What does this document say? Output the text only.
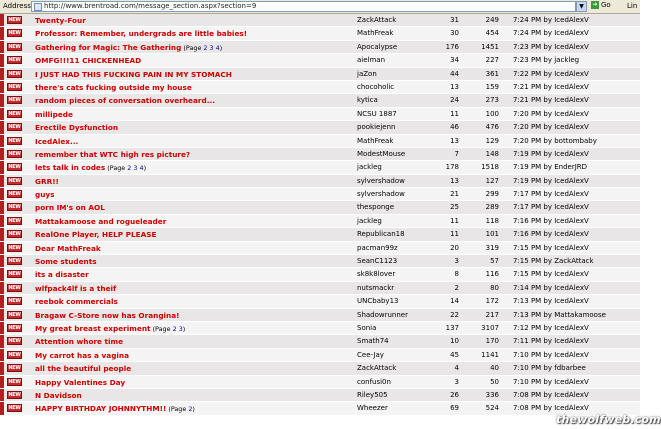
Address http://www.brentroad.com/message_section.aspx?section=9	▼	➔ Go Lin
NEW Twenty-Four	ZackAttack	31	249 7:24 PM by IcedAlexV
NEW Professor: Remember, undergrads are little babies!	MathFreak	30	454 7:24 PM by IcedAlexV
NEW Gathering for Magic: The Gathering (Page 2 3 4)	Apocalypse	176	1451 7:23 PM by IcedAlexV
NEW OMFG!!!11 CHICKENHEAD	aielman	34	227 7:23 PM by jackleg
NEW I JUST HAD THIS FUCKING PAIN IN MY STOMACH	jaZon	44	361 7:22 PM by IcedAlexV
NEW there's cats fucking outside my house	chocoholic	13	159 7:21 PM by IcedAlexV
NEW random pieces of conversation overheard...	kytica	24	273 7:21 PM by IcedAlexV
NEW millipede	NCSU 1887	11	100 7:20 PM by IcedAlexV
NEW Erectile Dysfunction	pookiejenn	46	476 7:20 PM by IcedAlexV
NEW IcedAlex...	MathFreak	13	129 7:20 PM by bottombaby
NEW remember that WTC high res picture?	ModestMouse	7	148 7:19 PM by IcedAlexV
NEW lets talk in codes (Page 2 3 4)	jackleg	178	1518 7:19 PM by EnderJRD
NEW GRR!!	sylvershadow	13	127 7:19 PM by IcedAlexV
NEW guys	sylvershadow	21	299 7:17 PM by IcedAlexV
NEW porn IM's on AOL	thesponge	25	289 7:17 PM by IcedAlexV
NEW Mattakamoose and rogueleader	jackleg	11	118 7:16 PM by IcedAlexV
NEW RealOne Player, HELP PLEASE	Republican18	11	101 7:16 PM by IcedAlexV
NEW Dear MathFreak	pacman99z	20	319 7:15 PM by IcedAlexV
NEW Some students	SeanC1123	3	57 7:15 PM by ZackAttack
NEW its a disaster	sk8k8lover	8	116 7:15 PM by IcedAlexV
NEW wlfpack4lf is a theif	nutsmackr	2	80 7:14 PM by IcedAlexV
NEW reebok commercials	UNCbaby13	14	172 7:13 PM by IcedAlexV
NEW Bragaw C-Store now has Orangina!	Shadowrunner	22	217 7:13 PM by Mattakamoose
NEW My great breast experiment (Page 2 3)	Sonia	137	3107 7:12 PM by IcedAlexV
NEW Attention whore time	Smath74	10	170 7:11 PM by IcedAlexV
NEW My carrot has a vagina	Cee-Jay	45	1141 7:10 PM by IcedAlexV
NEW all the beautiful people	ZackAttack	4	40 7:10 PM by fdbarbee
NEW Happy Valentines Day	confusi0n	3	50 7:10 PM by IcedAlexV
NEW N Davidson	Riley505	26	336 7:08 PM by IcedAlexV
NEW HAPPY BIRTHDAY JOHNNYTHM!! (Page 2)	Wheezer	69	524 7:08 PM by IcedAlexV
thewolfweb.com
